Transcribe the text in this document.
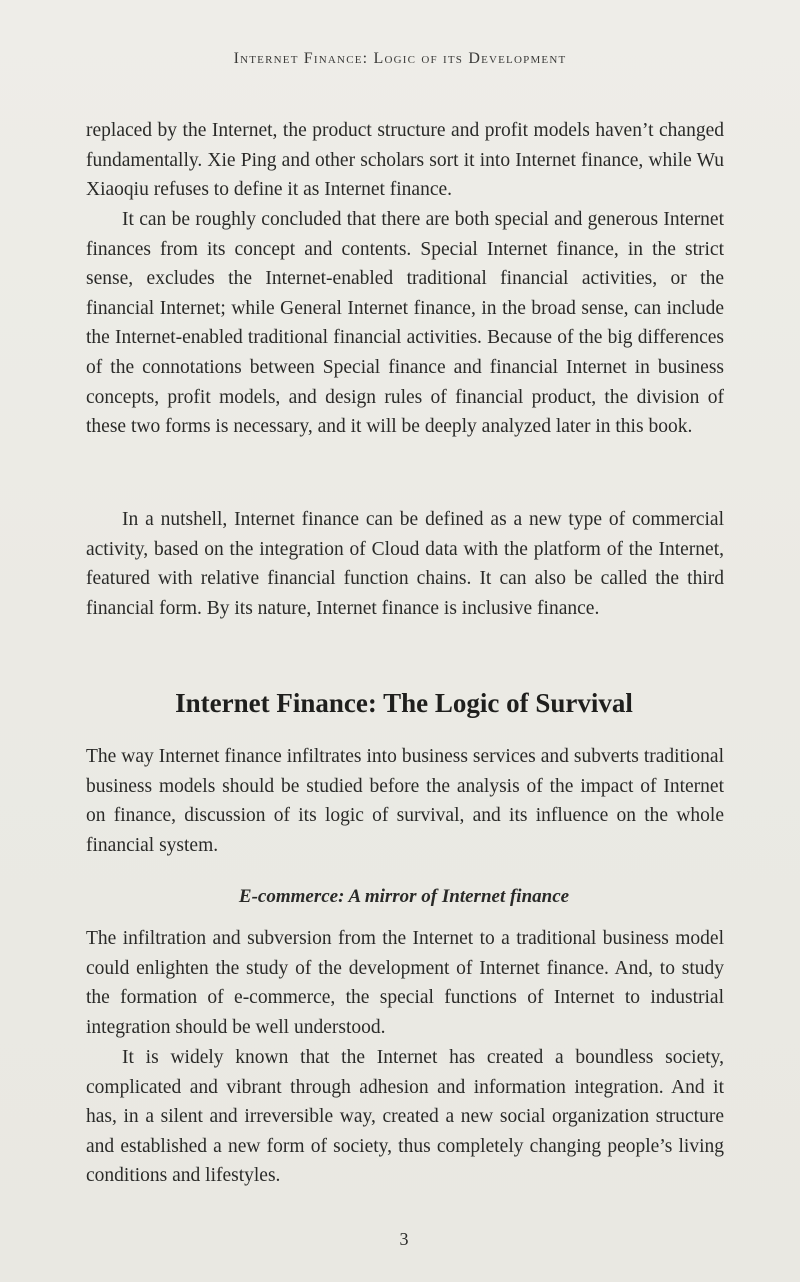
Internet Finance: Logic of its Development

replaced by the Internet, the product structure and profit models haven’t changed fundamentally. Xie Ping and other scholars sort it into Internet finance, while Wu Xiaoqiu refuses to define it as Internet finance.

It can be roughly concluded that there are both special and generous Internet finances from its concept and contents. Special Internet finance, in the strict sense, excludes the Internet-enabled traditional financial activities, or the financial Internet; while General Internet finance, in the broad sense, can include the Internet-enabled traditional financial activities. Because of the big differences of the connotations between Special finance and financial Internet in business concepts, profit models, and design rules of financial product, the division of these two forms is necessary, and it will be deeply analyzed later in this book.

In a nutshell, Internet finance can be defined as a new type of commercial activity, based on the integration of Cloud data with the platform of the Internet, featured with relative financial function chains. It can also be called the third financial form. By its nature, Internet finance is inclusive finance.

Internet Finance: The Logic of Survival

The way Internet finance infiltrates into business services and subverts traditional business models should be studied before the analysis of the impact of Internet on finance, discussion of its logic of survival, and its influence on the whole financial system.

E-commerce: A mirror of Internet finance

The infiltration and subversion from the Internet to a traditional business model could enlighten the study of the development of Internet finance. And, to study the formation of e-commerce, the special functions of Internet to industrial integration should be well understood.

It is widely known that the Internet has created a boundless society, complicated and vibrant through adhesion and information integration. And it has, in a silent and irreversible way, created a new social organization structure and established a new form of society, thus completely changing people’s living conditions and lifestyles.

3
